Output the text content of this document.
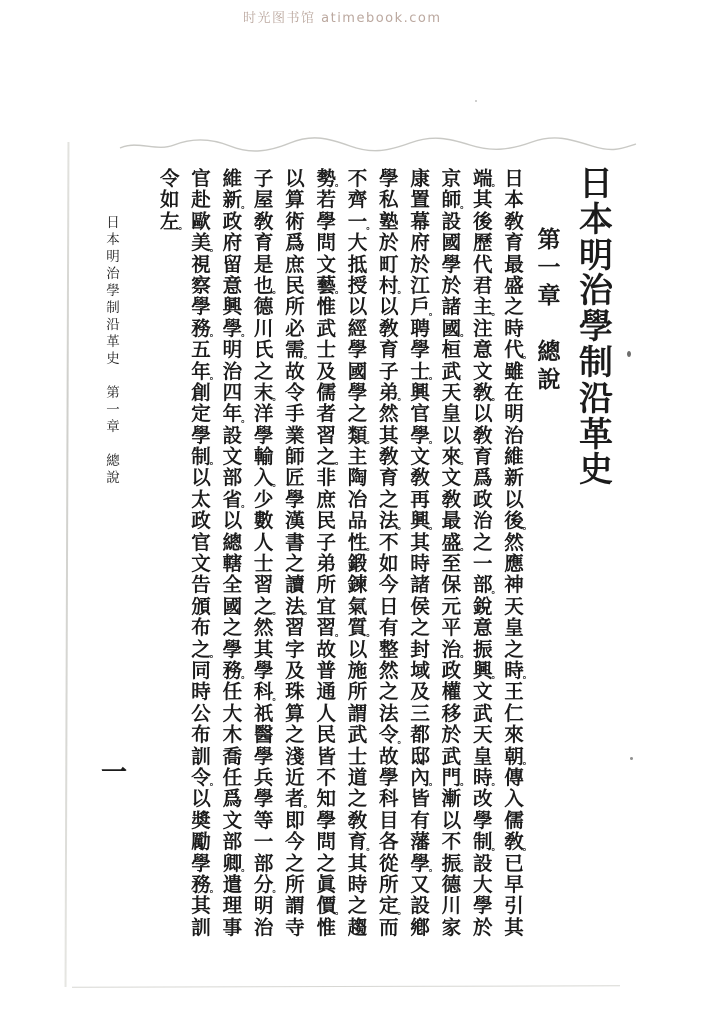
时光图书馆 atimebook.com
日
本
明
治
學
制
沿
革
史
第
一
章
總
說
日
本
敎
育
最
盛
之
時
代
。
雖
在
明
治
維
新
以
後
。
然
應
神
天
皇
之
時
。
王
仁
來
朝
。
傳
入
儒
敎
。
已
早
引
其
端
。
其
後
歷
代
君
主
。
注
意
文
敎
。
以
敎
育
爲
政
治
之
一
部
。
銳
意
振
興
。
文
武
天
皇
時
。
改
學
制
。
設
大
學
於
京
師
。
設
國
學
於
諸
國
。
桓
武
天
皇
以
來
。
文
敎
最
盛
。
至
保
元
平
治
。
政
權
移
於
武
門
。
漸
以
不
振
。
德
川
家
康
置
幕
府
於
江
戶
。
聘
學
士
。
興
官
學
。
文
敎
再
興
。
其
時
諸
侯
之
封
域
及
三
都
邸
內
。
皆
有
藩
學
。
又
設
鄕
學
私
塾
於
町
村
。
以
敎
育
子
弟
。
然
其
敎
育
之
法
。
不
如
今
日
有
整
然
之
法
令
。
故
學
科
目
各
從
所
定
。
而
不
齊
一
。
大
抵
授
以
經
學
國
學
之
類
。
主
陶
冶
品
性
。
鍛
鍊
氣
質
。
以
施
所
謂
武
士
道
之
敎
育
。
其
時
之
趨
勢
。
若
學
問
文
藝
。
惟
武
士
及
儒
者
習
之
。
非
庶
民
子
弟
所
宜
習
。
故
普
通
人
民
皆
不
知
學
問
之
眞
價
。
惟
以
算
術
爲
庶
民
所
必
需
。
故
令
手
業
師
匠
學
漢
書
之
讀
法
。
習
字
及
珠
算
之
淺
近
者
。
即
今
之
所
謂
寺
子
屋
敎
育
是
也
。
德
川
氏
之
末
。
洋
學
輸
入
。
少
數
人
士
習
之
。
然
其
學
科
。
祇
醫
學
兵
學
等
一
部
分
。
明
治
維
新
。
政
府
留
意
興
學
。
明
治
四
年
。
設
文
部
省
。
以
總
轄
全
國
之
學
務
。
任
大
木
喬
任
爲
文
部
卿
。
遣
理
事
官
赴
歐
美
。
視
察
學
務
。
五
年
。
創
定
學
制
。
以
太
政
官
文
告
頒
布
之
。
同
時
公
布
訓
令
。
以
奬
勵
學
務
。
其
訓
令
如
左
。
日
本
明
治
學
制
沿
革
史
第
一
章
總
說
一
